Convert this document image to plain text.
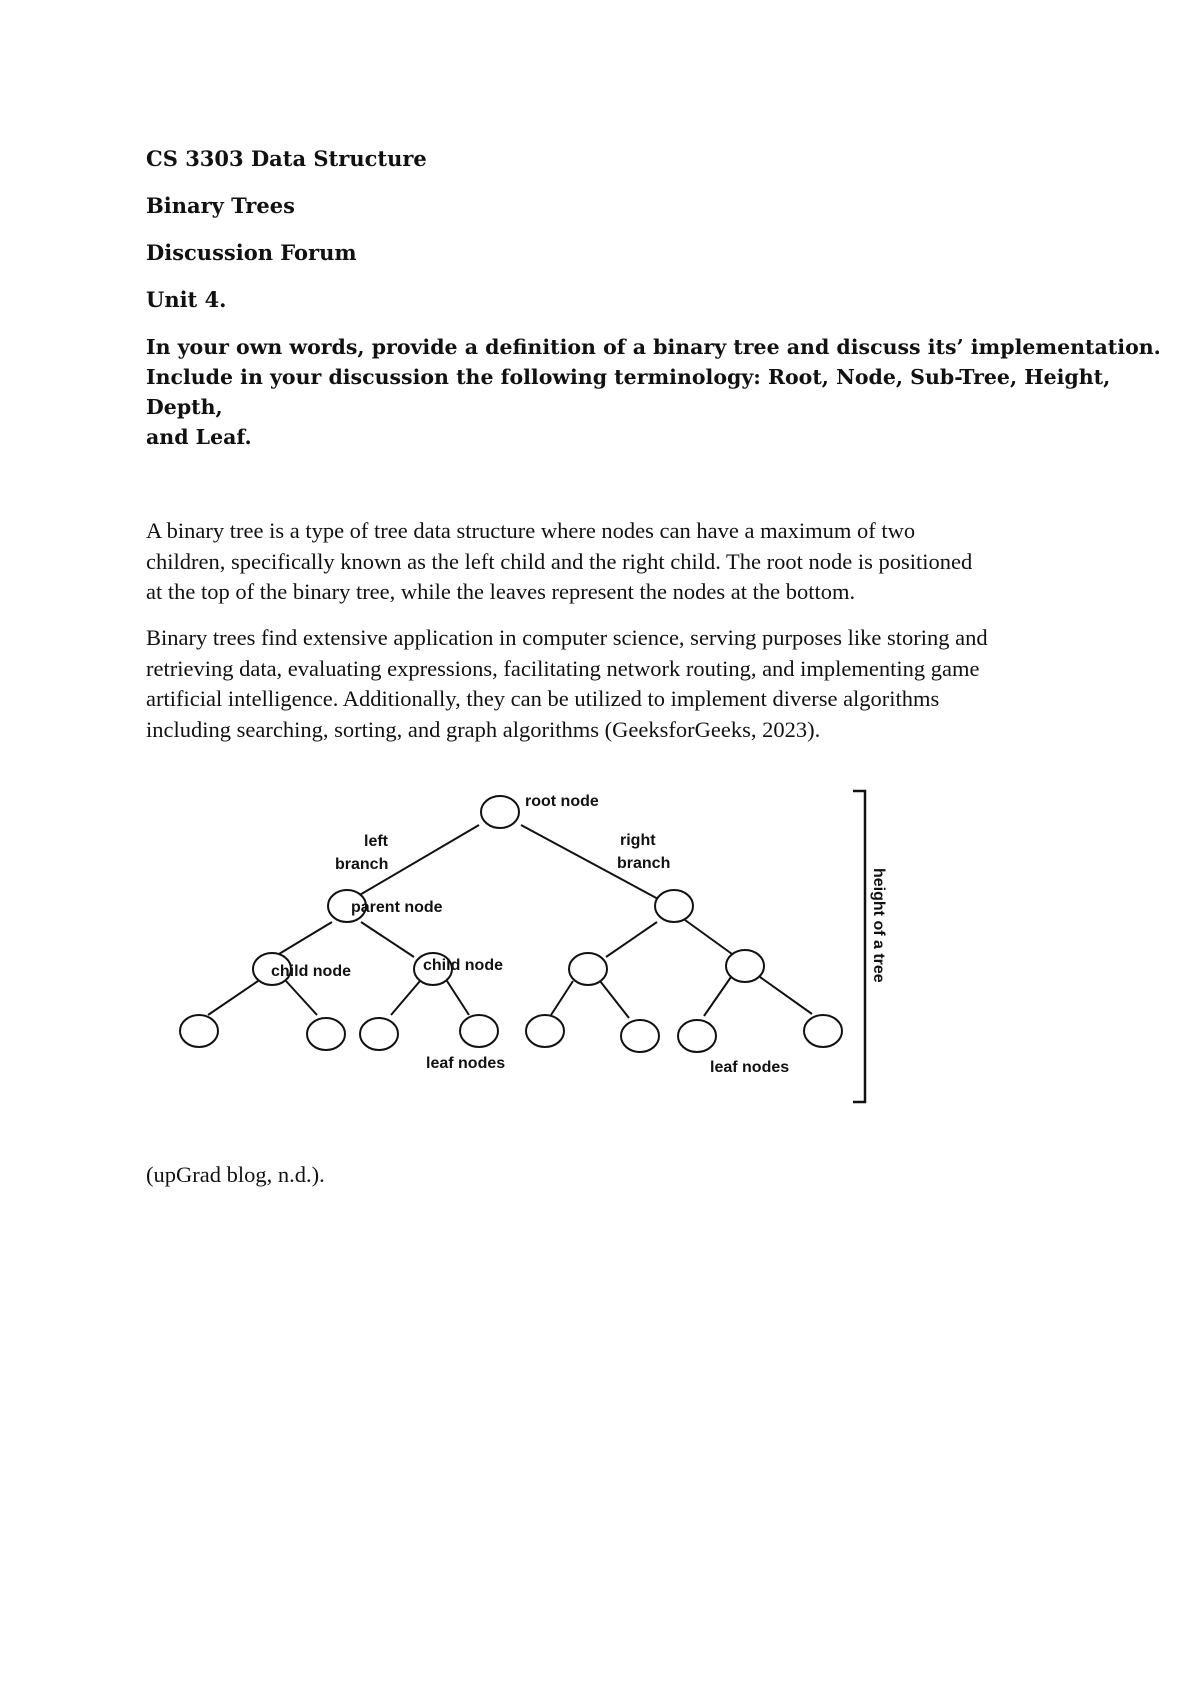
CS 3303 Data Structure

Binary Trees

Discussion Forum

Unit 4.

In your own words, provide a definition of a binary tree and discuss its’ implementation.
Include in your discussion the following terminology: Root, Node, Sub-Tree, Height,
Depth,
and Leaf.

A binary tree is a type of tree data structure where nodes can have a maximum of two
children, specifically known as the left child and the right child. The root node is positioned
at the top of the binary tree, while the leaves represent the nodes at the bottom.

Binary trees find extensive application in computer science, serving purposes like storing and
retrieving data, evaluating expressions, facilitating network routing, and implementing game
artificial intelligence. Additionally, they can be utilized to implement diverse algorithms
including searching, sorting, and graph algorithms (GeeksforGeeks, 2023).

root node
left
branch
right
branch
parent node
child node	child node
leaf nodes	leaf nodes
height of a tree

(upGrad blog, n.d.).
